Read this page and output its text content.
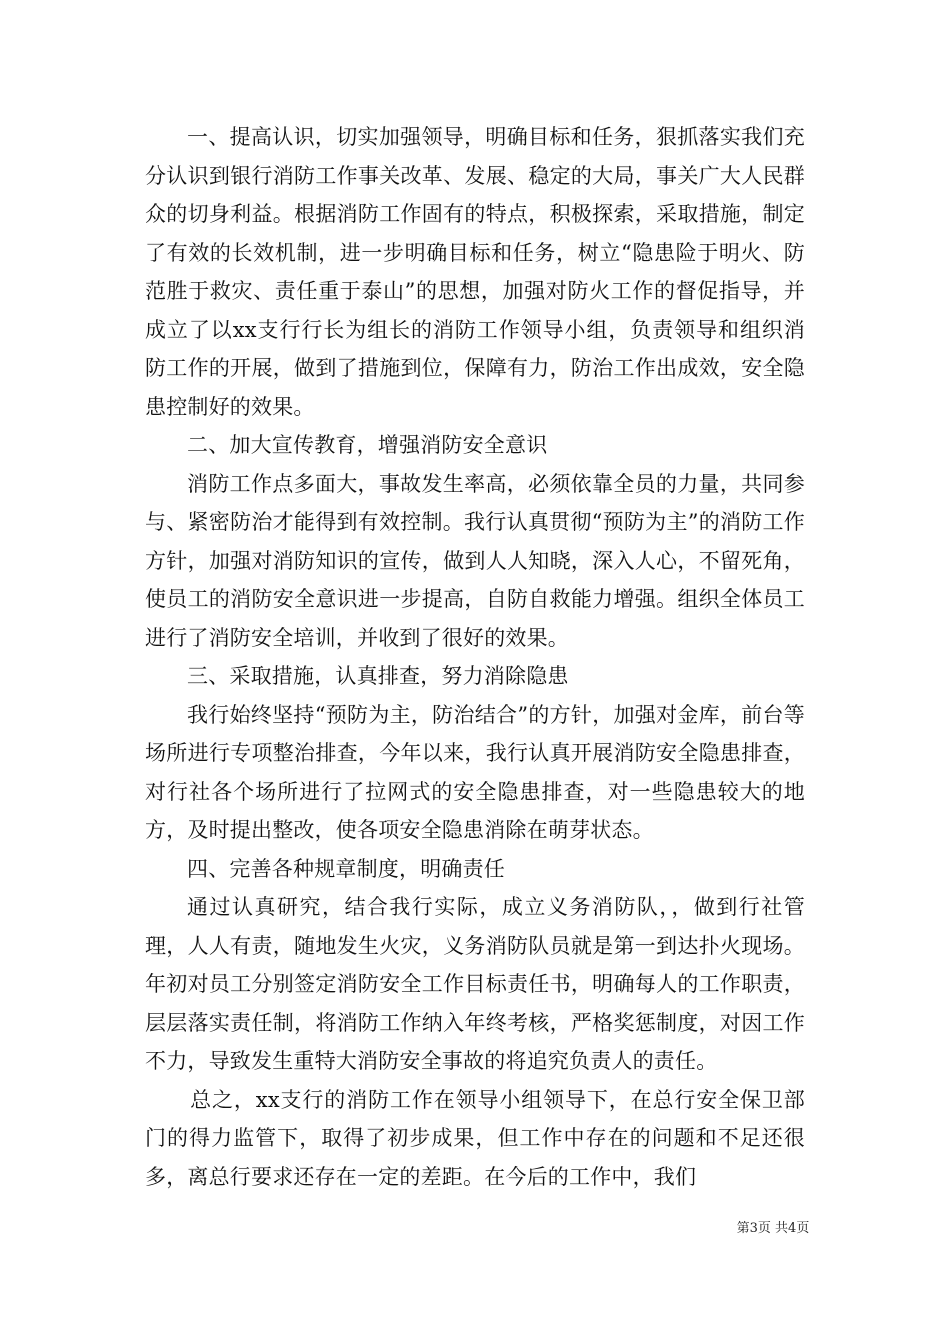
一、提高认识，切实加强领导，明确目标和任务，狠抓落实我们充分认识到银行消防工作事关改革、发展、稳定的大局，事关广大人民群众的切身利益。根据消防工作固有的特点，积极探索，采取措施，制定了有效的长效机制，进一步明确目标和任务，树立“隐患险于明火、防范胜于救灾、责任重于泰山”的思想，加强对防火工作的督促指导，并成立了以xx支行行长为组长的消防工作领导小组，负责领导和组织消防工作的开展，做到了措施到位，保障有力，防治工作出成效，安全隐患控制好的效果。

二、加大宣传教育，增强消防安全意识

消防工作点多面大，事故发生率高，必须依靠全员的力量，共同参与、紧密防治才能得到有效控制。我行认真贯彻“预防为主”的消防工作方针，加强对消防知识的宣传，做到人人知晓，深入人心，不留死角，使员工的消防安全意识进一步提高，自防自救能力增强。组织全体员工进行了消防安全培训，并收到了很好的效果。

三、采取措施，认真排查，努力消除隐患

我行始终坚持“预防为主，防治结合”的方针，加强对金库，前台等场所进行专项整治排查，今年以来，我行认真开展消防安全隐患排查，对行社各个场所进行了拉网式的安全隐患排查，对一些隐患较大的地方，及时提出整改，使各项安全隐患消除在萌芽状态。

四、完善各种规章制度，明确责任

通过认真研究，结合我行实际，成立义务消防队，，做到行社管理，人人有责，随地发生火灾，义务消防队员就是第一到达扑火现场。年初对员工分别签定消防安全工作目标责任书，明确每人的工作职责，层层落实责任制，将消防工作纳入年终考核，严格奖惩制度，对因工作不力，导致发生重特大消防安全事故的将追究负责人的责任。

总之，xx支行的消防工作在领导小组领导下，在总行安全保卫部门的得力监管下，取得了初步成果，但工作中存在的问题和不足还很多，离总行要求还存在一定的差距。在今后的工作中，我们

第3页 共4页
